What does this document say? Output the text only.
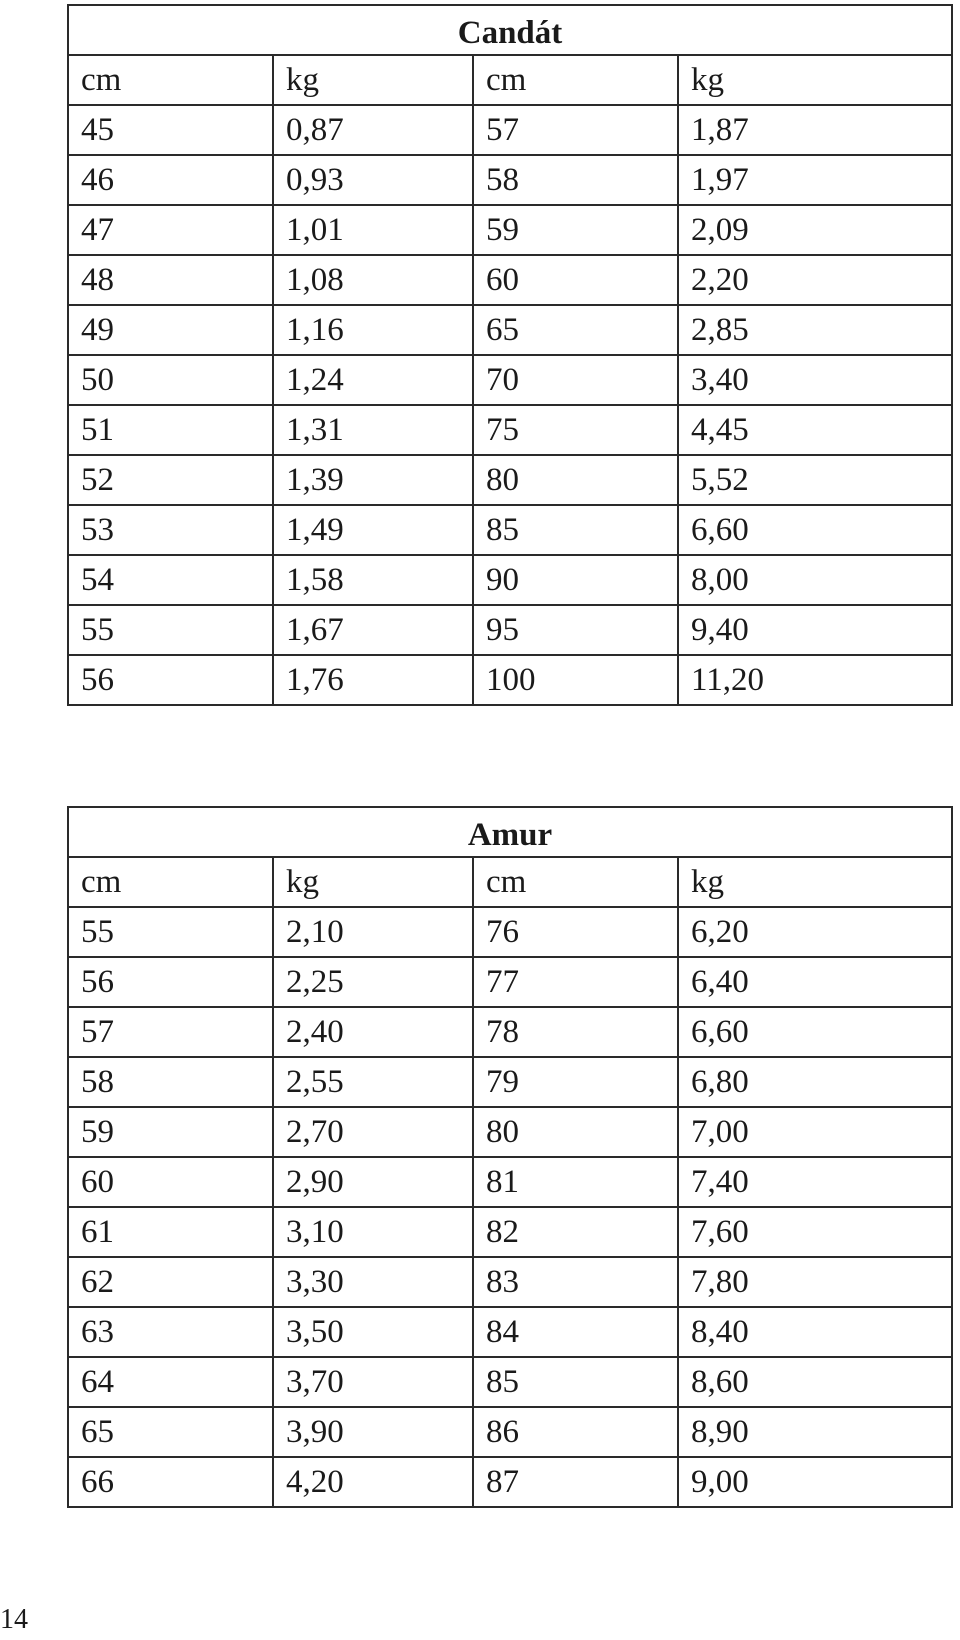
Candát			
cm	kg	cm	kg
45	0,87	57	1,87
46	0,93	58	1,97
47	1,01	59	2,09
48	1,08	60	2,20
49	1,16	65	2,85
50	1,24	70	3,40
51	1,31	75	4,45
52	1,39	80	5,52
53	1,49	85	6,60
54	1,58	90	8,00
55	1,67	95	9,40
56	1,76	100	11,20
Amur			
cm	kg	cm	kg
55	2,10	76	6,20
56	2,25	77	6,40
57	2,40	78	6,60
58	2,55	79	6,80
59	2,70	80	7,00
60	2,90	81	7,40
61	3,10	82	7,60
62	3,30	83	7,80
63	3,50	84	8,40
64	3,70	85	8,60
65	3,90	86	8,90
66	4,20	87	9,00
14
